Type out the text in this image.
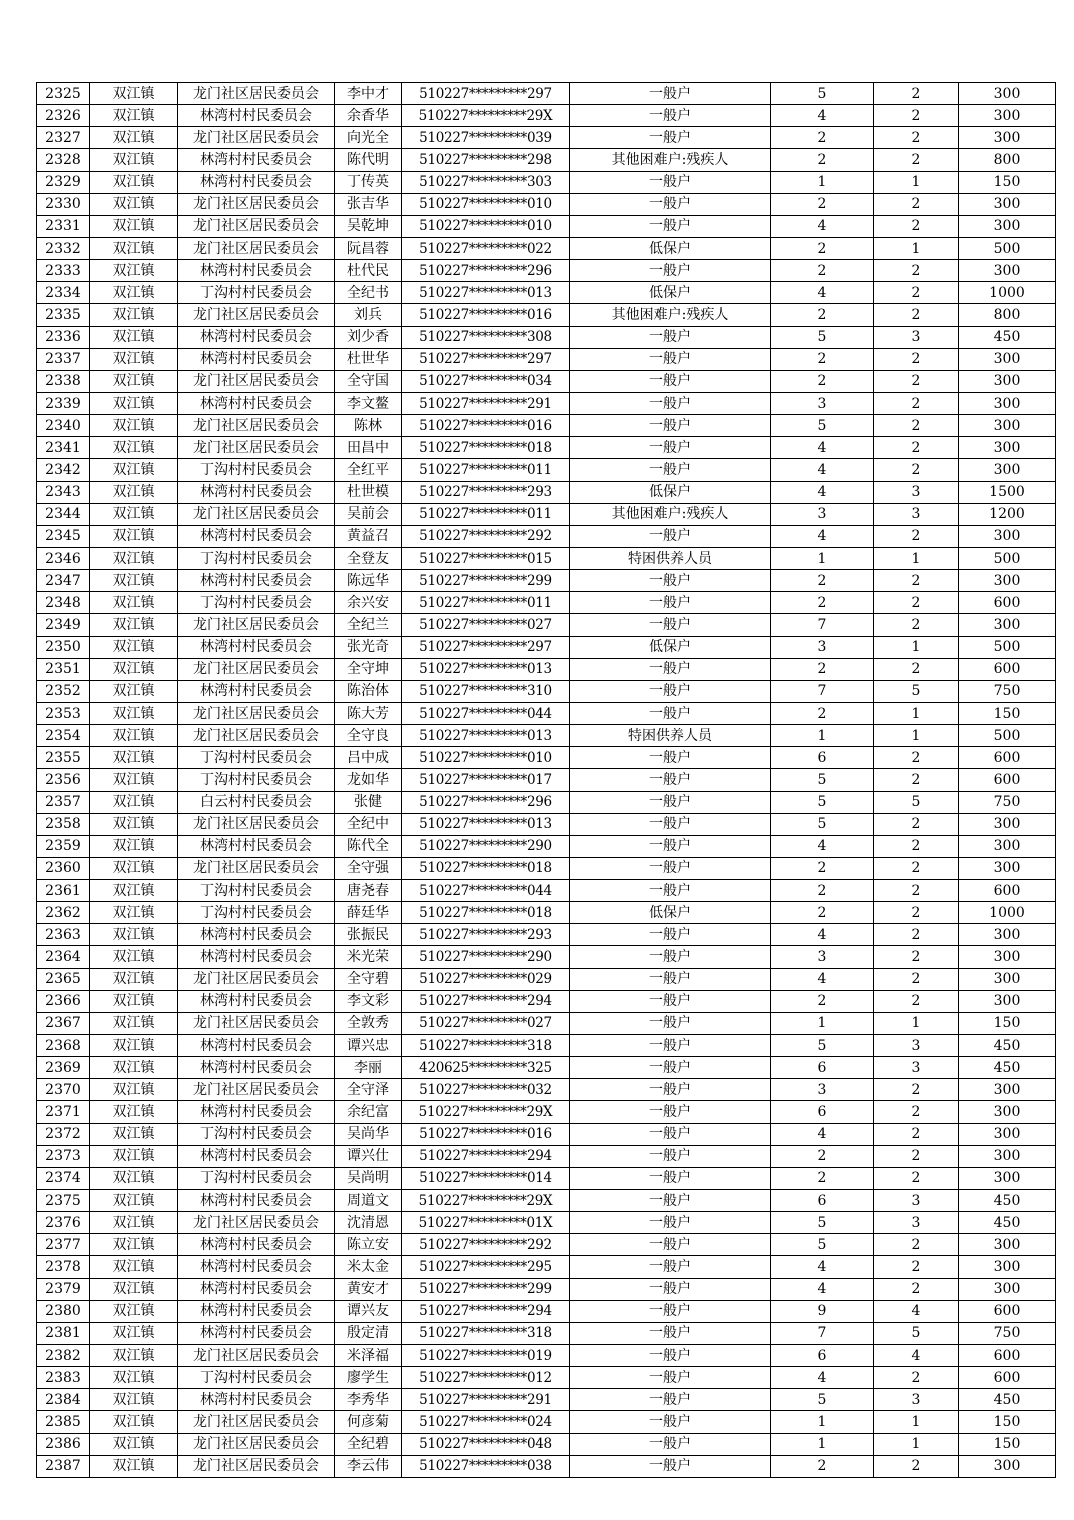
2325	双江镇	龙门社区居民委员会	李中才	510227*********297	一般户	5	2	300
2326	双江镇	林湾村村民委员会	余香华	510227*********29X	一般户	4	2	300
2327	双江镇	龙门社区居民委员会	向光全	510227*********039	一般户	2	2	300
2328	双江镇	林湾村村民委员会	陈代明	510227*********298	其他困难户:残疾人	2	2	800
2329	双江镇	林湾村村民委员会	丁传英	510227*********303	一般户	1	1	150
2330	双江镇	龙门社区居民委员会	张吉华	510227*********010	一般户	2	2	300
2331	双江镇	龙门社区居民委员会	吴乾坤	510227*********010	一般户	4	2	300
2332	双江镇	龙门社区居民委员会	阮昌蓉	510227*********022	低保户	2	1	500
2333	双江镇	林湾村村民委员会	杜代民	510227*********296	一般户	2	2	300
2334	双江镇	丁沟村村民委员会	全纪书	510227*********013	低保户	4	2	1000
2335	双江镇	龙门社区居民委员会	刘兵	510227*********016	其他困难户:残疾人	2	2	800
2336	双江镇	林湾村村民委员会	刘少香	510227*********308	一般户	5	3	450
2337	双江镇	林湾村村民委员会	杜世华	510227*********297	一般户	2	2	300
2338	双江镇	龙门社区居民委员会	全守国	510227*********034	一般户	2	2	300
2339	双江镇	林湾村村民委员会	李文鳌	510227*********291	一般户	3	2	300
2340	双江镇	龙门社区居民委员会	陈林	510227*********016	一般户	5	2	300
2341	双江镇	龙门社区居民委员会	田昌中	510227*********018	一般户	4	2	300
2342	双江镇	丁沟村村民委员会	全红平	510227*********011	一般户	4	2	300
2343	双江镇	林湾村村民委员会	杜世模	510227*********293	低保户	4	3	1500
2344	双江镇	龙门社区居民委员会	吴前会	510227*********011	其他困难户:残疾人	3	3	1200
2345	双江镇	林湾村村民委员会	黄益召	510227*********292	一般户	4	2	300
2346	双江镇	丁沟村村民委员会	全登友	510227*********015	特困供养人员	1	1	500
2347	双江镇	林湾村村民委员会	陈远华	510227*********299	一般户	2	2	300
2348	双江镇	丁沟村村民委员会	余兴安	510227*********011	一般户	2	2	600
2349	双江镇	龙门社区居民委员会	全纪兰	510227*********027	一般户	7	2	300
2350	双江镇	林湾村村民委员会	张光奇	510227*********297	低保户	3	1	500
2351	双江镇	龙门社区居民委员会	全守坤	510227*********013	一般户	2	2	600
2352	双江镇	林湾村村民委员会	陈治体	510227*********310	一般户	7	5	750
2353	双江镇	龙门社区居民委员会	陈大芳	510227*********044	一般户	2	1	150
2354	双江镇	龙门社区居民委员会	全守良	510227*********013	特困供养人员	1	1	500
2355	双江镇	丁沟村村民委员会	吕中成	510227*********010	一般户	6	2	600
2356	双江镇	丁沟村村民委员会	龙如华	510227*********017	一般户	5	2	600
2357	双江镇	白云村村民委员会	张健	510227*********296	一般户	5	5	750
2358	双江镇	龙门社区居民委员会	全纪中	510227*********013	一般户	5	2	300
2359	双江镇	林湾村村民委员会	陈代全	510227*********290	一般户	4	2	300
2360	双江镇	龙门社区居民委员会	全守强	510227*********018	一般户	2	2	300
2361	双江镇	丁沟村村民委员会	唐尧春	510227*********044	一般户	2	2	600
2362	双江镇	丁沟村村民委员会	薛廷华	510227*********018	低保户	2	2	1000
2363	双江镇	林湾村村民委员会	张振民	510227*********293	一般户	4	2	300
2364	双江镇	林湾村村民委员会	米光荣	510227*********290	一般户	3	2	300
2365	双江镇	龙门社区居民委员会	全守碧	510227*********029	一般户	4	2	300
2366	双江镇	林湾村村民委员会	李文彩	510227*********294	一般户	2	2	300
2367	双江镇	龙门社区居民委员会	全敦秀	510227*********027	一般户	1	1	150
2368	双江镇	林湾村村民委员会	谭兴忠	510227*********318	一般户	5	3	450
2369	双江镇	林湾村村民委员会	李丽	420625*********325	一般户	6	3	450
2370	双江镇	龙门社区居民委员会	全守泽	510227*********032	一般户	3	2	300
2371	双江镇	林湾村村民委员会	余纪富	510227*********29X	一般户	6	2	300
2372	双江镇	丁沟村村民委员会	吴尚华	510227*********016	一般户	4	2	300
2373	双江镇	林湾村村民委员会	谭兴仕	510227*********294	一般户	2	2	300
2374	双江镇	丁沟村村民委员会	吴尚明	510227*********014	一般户	2	2	300
2375	双江镇	林湾村村民委员会	周道文	510227*********29X	一般户	6	3	450
2376	双江镇	龙门社区居民委员会	沈清恩	510227*********01X	一般户	5	3	450
2377	双江镇	林湾村村民委员会	陈立安	510227*********292	一般户	5	2	300
2378	双江镇	林湾村村民委员会	米太金	510227*********295	一般户	4	2	300
2379	双江镇	林湾村村民委员会	黄安才	510227*********299	一般户	4	2	300
2380	双江镇	林湾村村民委员会	谭兴友	510227*********294	一般户	9	4	600
2381	双江镇	林湾村村民委员会	殷定清	510227*********318	一般户	7	5	750
2382	双江镇	龙门社区居民委员会	米泽福	510227*********019	一般户	6	4	600
2383	双江镇	丁沟村村民委员会	廖学生	510227*********012	一般户	4	2	600
2384	双江镇	林湾村村民委员会	李秀华	510227*********291	一般户	5	3	450
2385	双江镇	龙门社区居民委员会	何彦菊	510227*********024	一般户	1	1	150
2386	双江镇	龙门社区居民委员会	全纪碧	510227*********048	一般户	1	1	150
2387	双江镇	龙门社区居民委员会	李云伟	510227*********038	一般户	2	2	300
